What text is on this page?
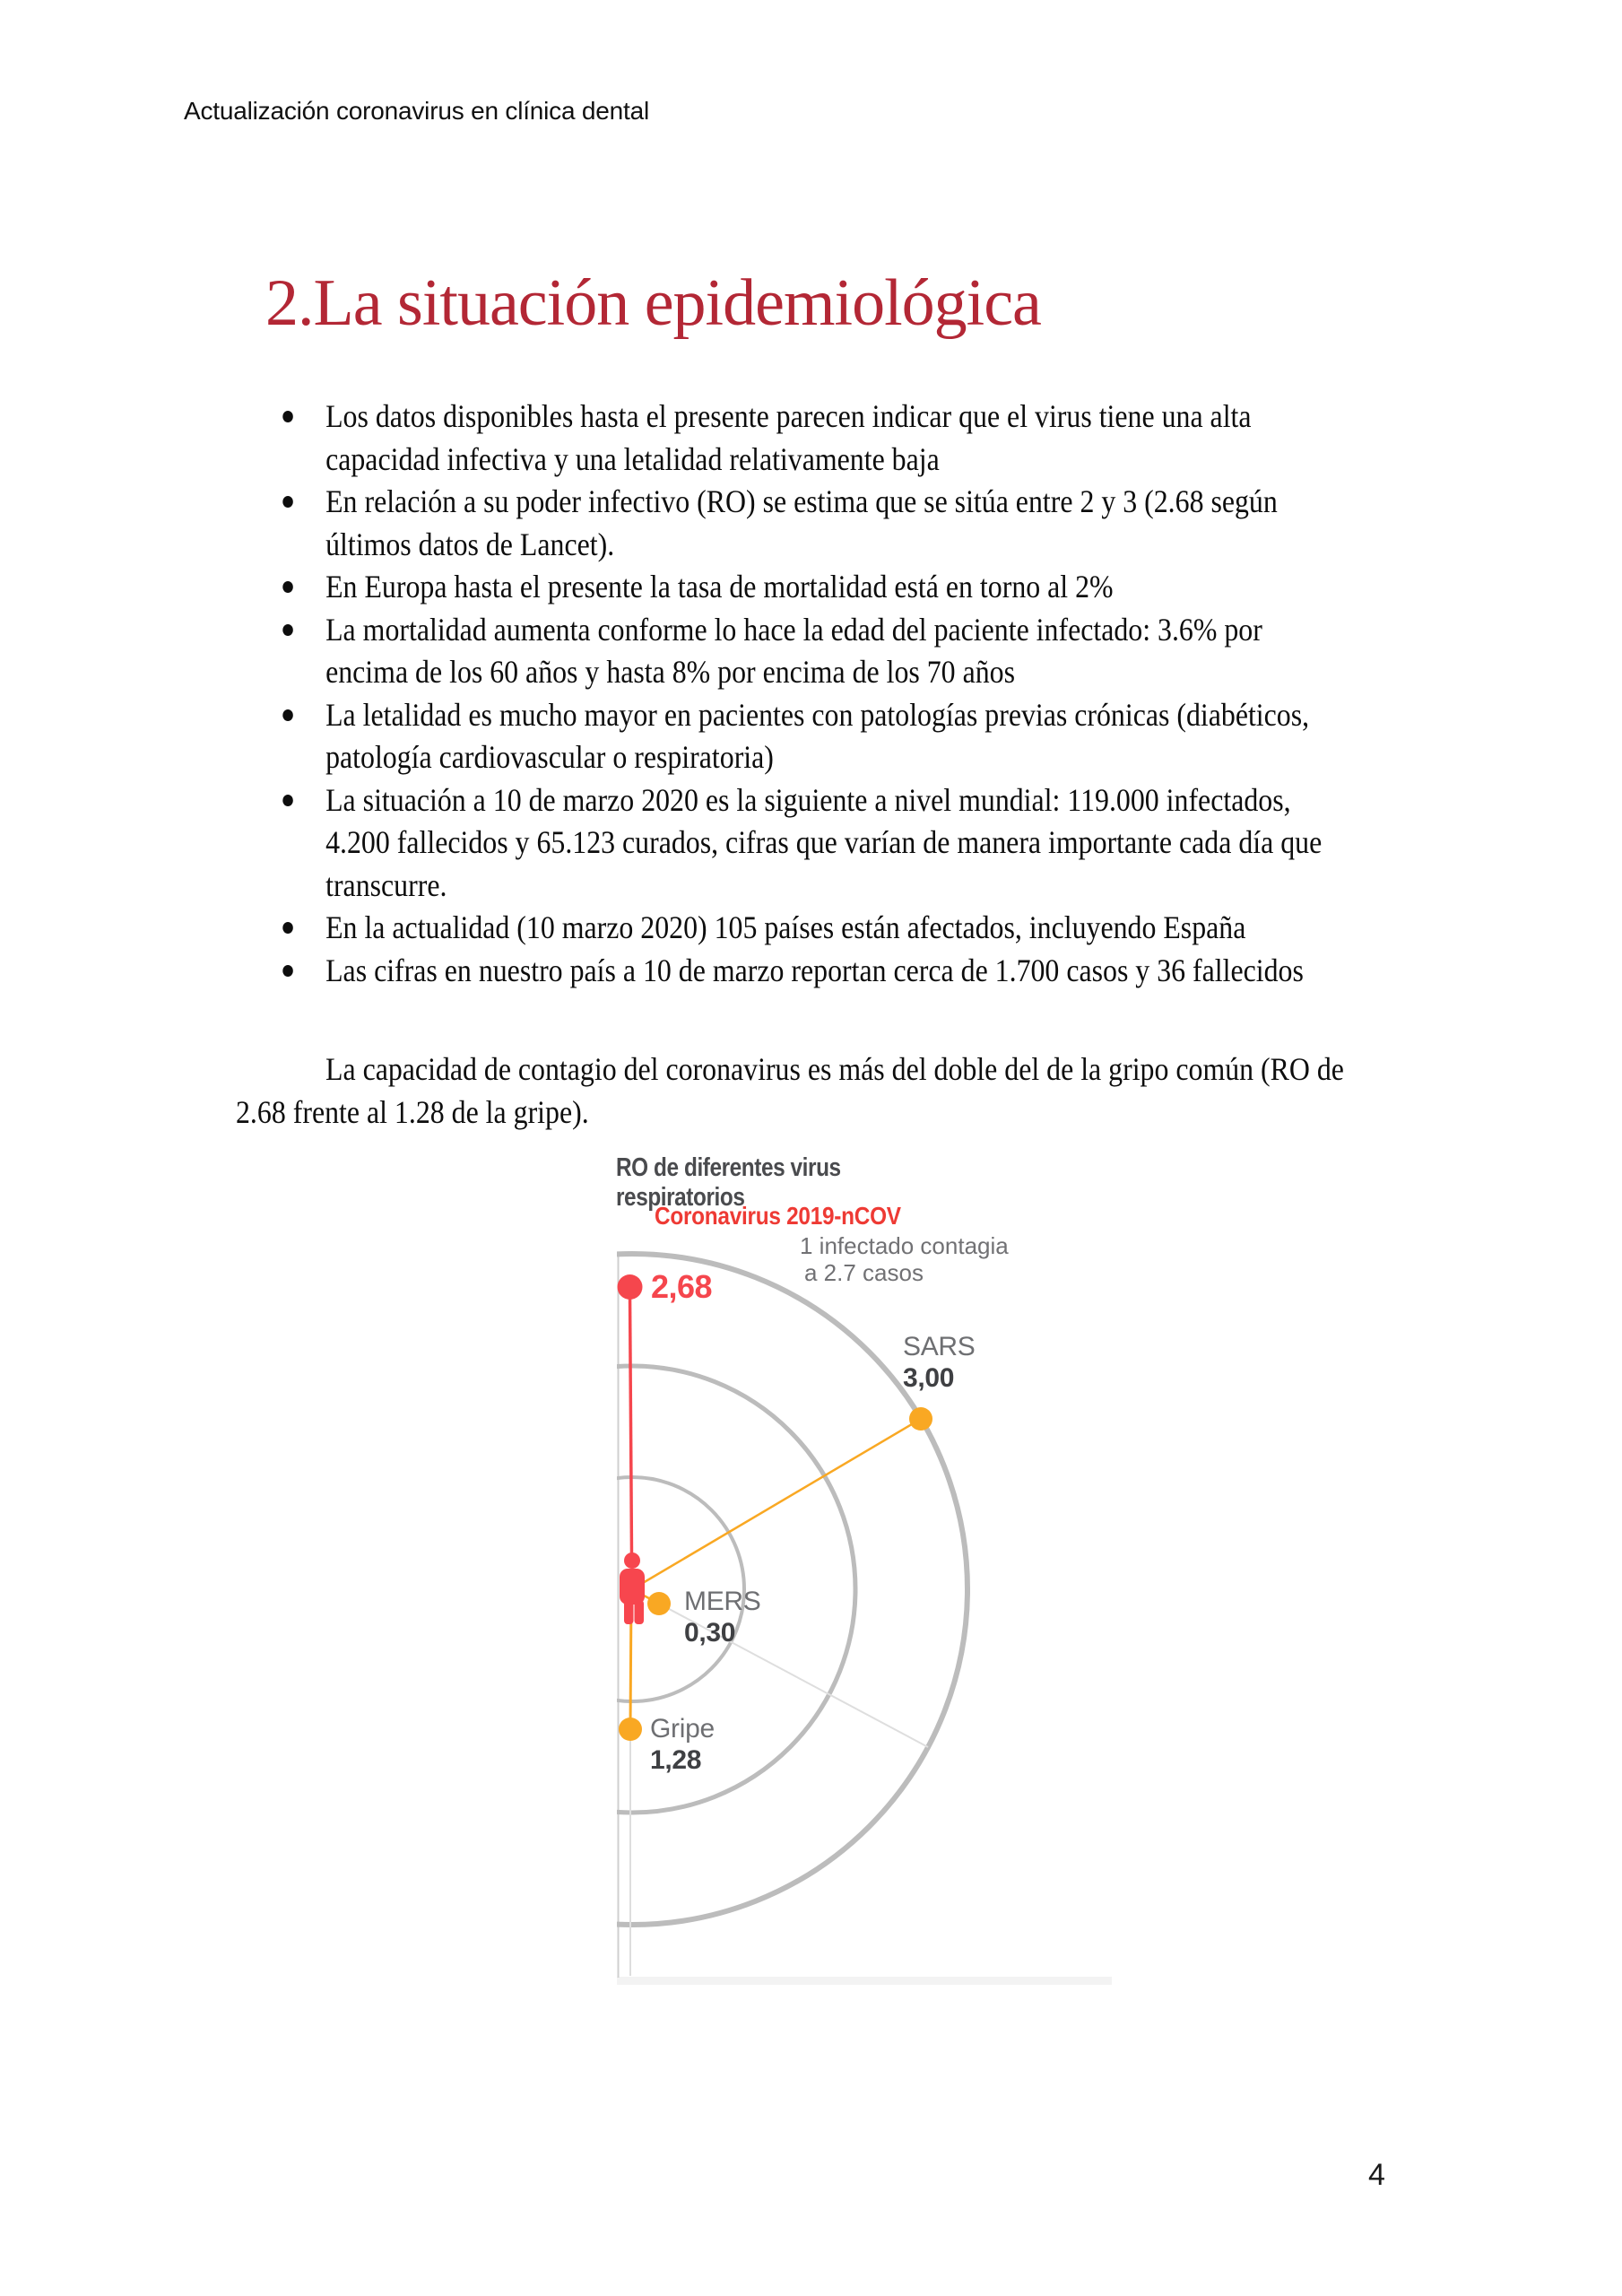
Actualización coronavirus en clínica dental
2.La situación epidemiológica
Los datos disponibles hasta el presente parecen indicar que el virus tiene una alta capacidad infectiva y una letalidad relativamente baja
En relación a su poder infectivo (RO) se estima que se sitúa entre 2 y 3 (2.68 según últimos datos de Lancet).
En Europa hasta el presente la tasa de mortalidad está en torno al 2%
La mortalidad aumenta conforme lo hace la edad del paciente infectado: 3.6% por encima de los 60 años y hasta 8% por encima de los 70 años
La letalidad es mucho mayor en pacientes con patologías previas crónicas (diabéticos, patología cardiovascular o respiratoria)
La situación a 10 de marzo 2020 es la siguiente a nivel mundial: 119.000 infectados, 4.200 fallecidos y 65.123 curados, cifras que varían de manera importante cada día que transcurre.
En la actualidad (10 marzo 2020) 105 países están afectados, incluyendo España
Las cifras en nuestro país a 10 de marzo reportan cerca de 1.700 casos y 36 fallecidos

La capacidad de contagio del coronavirus es más del doble del de la gripo común (RO de 2.68 frente al 1.28 de la gripe).

RO de diferentes virus
respiratorios
Coronavirus 2019-nCOV
1 infectado contagia
a 2.7 casos
2,68
SARS
3,00
MERS
0,30
Gripe
1,28
4
